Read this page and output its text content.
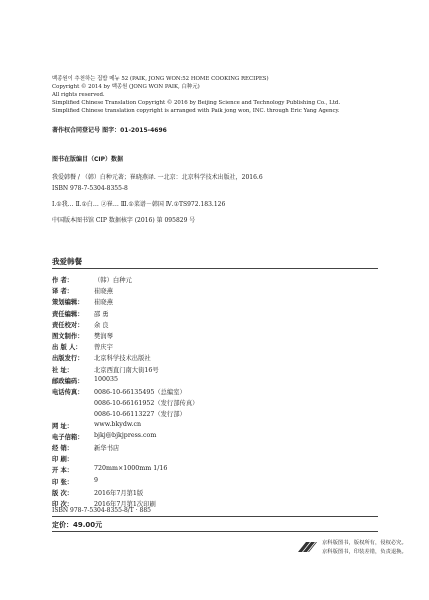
백종원이 추천하는 집밥 메뉴 52 (PAIK, JONG WON:52 HOME COOKING RECIPES)
Copyright © 2014 by 백종원 (JONG WON PAIK, 白种元)
All rights reserved.
Simplified Chinese Translation Copyright © 2016 by Beijing Science and Technology Publishing Co., Ltd.
Simplified Chinese translation copyright is arranged with Paik jong won, INC. through Eric Yang Agency.
著作权合同登记号 图字：01-2015-4696
图书在版编目（CIP）数据
我爱韩餐 / （韩）白种元著；崔晓燕译. 一北京：北京科学技术出版社，2016.6
ISBN 978-7-5304-8355-8
Ⅰ.①我… Ⅱ.①白… ②崔… Ⅲ.①菜谱－韩国 Ⅳ.①TS972.183.126
中国版本图书馆 CIP 数据核字 (2016) 第 095829 号
我爱韩餐
作 者：	（韩）白种元
译 者：	崔晓燕
策划编辑：	崔晓燕
责任编辑：	邵 勇
责任校对：	余 良
图文制作：	樊润琴
出 版 人：	曾庆宇
出版发行：	北京科学技术出版社
社 址：	北京西直门南大街16号
邮政编码：	100035
电话传真：	0086-10-66135495（总编室）
0086-10-66161952（发行部传真）
0086-10-66113227（发行部）
网 址：	www.bkydw.cn
电子信箱：	bjkj@bjkjpress.com
经 销：	新华书店
印 刷：
开 本：	720mm×1000mm 1/16
印 张：	9
版 次：	2016年7月第1版
印 次：	2016年7月第1次印刷
ISBN 978-7-5304-8355-8/T · 885
定价：49.00元
京科版图书，版权所有，侵权必究。
京科版图书，印装差错，负责退换。
